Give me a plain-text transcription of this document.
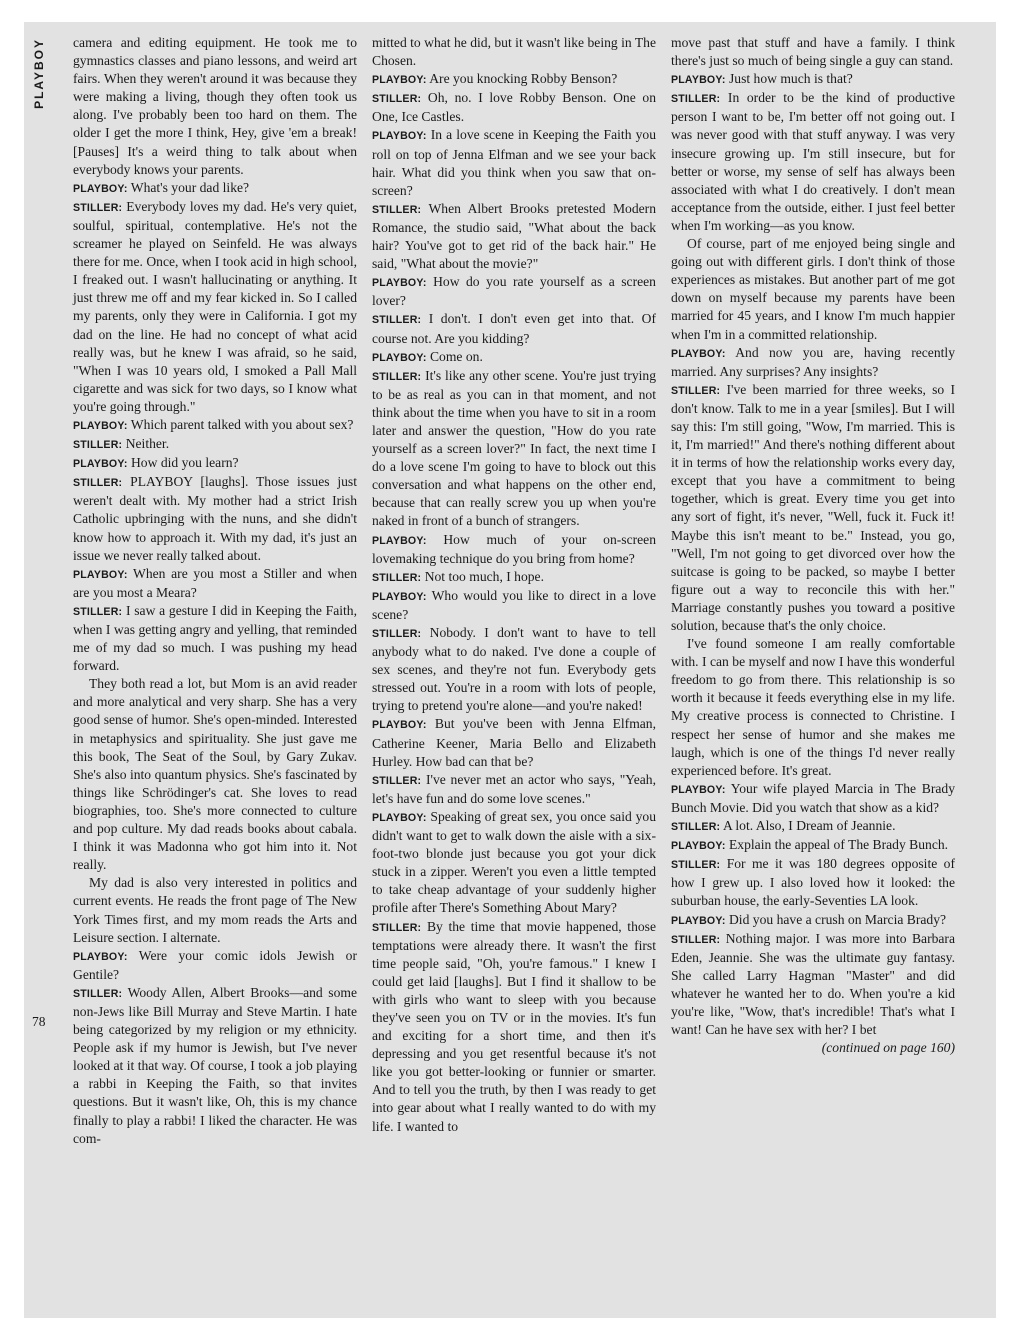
PLAYBOY
78

camera and editing equipment. He took me to gymnastics classes and piano lessons, and weird art fairs. When they weren't around it was because they were making a living, though they often took us along. I've probably been too hard on them. The older I get the more I think, Hey, give 'em a break! [Pauses] It's a weird thing to talk about when everybody knows your parents.

PLAYBOY: What's your dad like?

STILLER: Everybody loves my dad. He's very quiet, soulful, spiritual, contemplative. He's not the screamer he played on Seinfeld. He was always there for me. Once, when I took acid in high school, I freaked out. I wasn't hallucinating or anything. It just threw me off and my fear kicked in. So I called my parents, only they were in California. I got my dad on the line. He had no concept of what acid really was, but he knew I was afraid, so he said, "When I was 10 years old, I smoked a Pall Mall cigarette and was sick for two days, so I know what you're going through."

PLAYBOY: Which parent talked with you about sex?

STILLER: Neither.

PLAYBOY: How did you learn?

STILLER: PLAYBOY [laughs]. Those issues just weren't dealt with. My mother had a strict Irish Catholic upbringing with the nuns, and she didn't know how to approach it. With my dad, it's just an issue we never really talked about.

PLAYBOY: When are you most a Stiller and when are you most a Meara?

STILLER: I saw a gesture I did in Keeping the Faith, when I was getting angry and yelling, that reminded me of my dad so much. I was pushing my head forward.

They both read a lot, but Mom is an avid reader and more analytical and very sharp. She has a very good sense of humor. She's open-minded. Interested in metaphysics and spirituality. She just gave me this book, The Seat of the Soul, by Gary Zukav. She's also into quantum physics. She's fascinated by things like Schrödinger's cat. She loves to read biographies, too. She's more connected to culture and pop culture. My dad reads books about cabala. I think it was Madonna who got him into it. Not really.

My dad is also very interested in politics and current events. He reads the front page of The New York Times first, and my mom reads the Arts and Leisure section. I alternate.

PLAYBOY: Were your comic idols Jewish or Gentile?

STILLER: Woody Allen, Albert Brooks—and some non-Jews like Bill Murray and Steve Martin. I hate being categorized by my religion or my ethnicity. People ask if my humor is Jewish, but I've never looked at it that way. Of course, I took a job playing a rabbi in Keeping the Faith, so that invites questions. But it wasn't like, Oh, this is my chance finally to play a rabbi! I liked the character. He was com-

mitted to what he did, but it wasn't like being in The Chosen.

PLAYBOY: Are you knocking Robby Benson?

STILLER: Oh, no. I love Robby Benson. One on One, Ice Castles.

PLAYBOY: In a love scene in Keeping the Faith you roll on top of Jenna Elfman and we see your back hair. What did you think when you saw that on-screen?

STILLER: When Albert Brooks pretested Modern Romance, the studio said, "What about the back hair? You've got to get rid of the back hair." He said, "What about the movie?"

PLAYBOY: How do you rate yourself as a screen lover?

STILLER: I don't. I don't even get into that. Of course not. Are you kidding?

PLAYBOY: Come on.

STILLER: It's like any other scene. You're just trying to be as real as you can in that moment, and not think about the time when you have to sit in a room later and answer the question, "How do you rate yourself as a screen lover?" In fact, the next time I do a love scene I'm going to have to block out this conversation and what happens on the other end, because that can really screw you up when you're naked in front of a bunch of strangers.

PLAYBOY: How much of your on-screen lovemaking technique do you bring from home?

STILLER: Not too much, I hope.

PLAYBOY: Who would you like to direct in a love scene?

STILLER: Nobody. I don't want to have to tell anybody what to do naked. I've done a couple of sex scenes, and they're not fun. Everybody gets stressed out. You're in a room with lots of people, trying to pretend you're alone—and you're naked!

PLAYBOY: But you've been with Jenna Elfman, Catherine Keener, Maria Bello and Elizabeth Hurley. How bad can that be?

STILLER: I've never met an actor who says, "Yeah, let's have fun and do some love scenes."

PLAYBOY: Speaking of great sex, you once said you didn't want to get to walk down the aisle with a six-foot-two blonde just because you got your dick stuck in a zipper. Weren't you even a little tempted to take cheap advantage of your suddenly higher profile after There's Something About Mary?

STILLER: By the time that movie happened, those temptations were already there. It wasn't the first time people said, "Oh, you're famous." I knew I could get laid [laughs]. But I find it shallow to be with girls who want to sleep with you because they've seen you on TV or in the movies. It's fun and exciting for a short time, and then it's depressing and you get resentful because it's not like you got better-looking or funnier or smarter. And to tell you the truth, by then I was ready to get into gear about what I really wanted to do with my life. I wanted to

move past that stuff and have a family. I think there's just so much of being single a guy can stand.

PLAYBOY: Just how much is that?

STILLER: In order to be the kind of productive person I want to be, I'm better off not going out. I was never good with that stuff anyway. I was very insecure growing up. I'm still insecure, but for better or worse, my sense of self has always been associated with what I do creatively. I don't mean acceptance from the outside, either. I just feel better when I'm working—as you know.

Of course, part of me enjoyed being single and going out with different girls. I don't think of those experiences as mistakes. But another part of me got down on myself because my parents have been married for 45 years, and I know I'm much happier when I'm in a committed relationship.

PLAYBOY: And now you are, having recently married. Any surprises? Any insights?

STILLER: I've been married for three weeks, so I don't know. Talk to me in a year [smiles]. But I will say this: I'm still going, "Wow, I'm married. This is it, I'm married!" And there's nothing different about it in terms of how the relationship works every day, except that you have a commitment to being together, which is great. Every time you get into any sort of fight, it's never, "Well, fuck it. Fuck it! Maybe this isn't meant to be." Instead, you go, "Well, I'm not going to get divorced over how the suitcase is going to be packed, so maybe I better figure out a way to reconcile this with her." Marriage constantly pushes you toward a positive solution, because that's the only choice.

I've found someone I am really comfortable with. I can be myself and now I have this wonderful freedom to go from there. This relationship is so worth it because it feeds everything else in my life. My creative process is connected to Christine. I respect her sense of humor and she makes me laugh, which is one of the things I'd never really experienced before. It's great.

PLAYBOY: Your wife played Marcia in The Brady Bunch Movie. Did you watch that show as a kid?

STILLER: A lot. Also, I Dream of Jeannie.

PLAYBOY: Explain the appeal of The Brady Bunch.

STILLER: For me it was 180 degrees opposite of how I grew up. I also loved how it looked: the suburban house, the early-Seventies LA look.

PLAYBOY: Did you have a crush on Marcia Brady?

STILLER: Nothing major. I was more into Barbara Eden, Jeannie. She was the ultimate guy fantasy. She called Larry Hagman "Master" and did whatever he wanted her to do. When you're a kid you're like, "Wow, that's incredible! That's what I want! Can he have sex with her? I bet

(continued on page 160)
